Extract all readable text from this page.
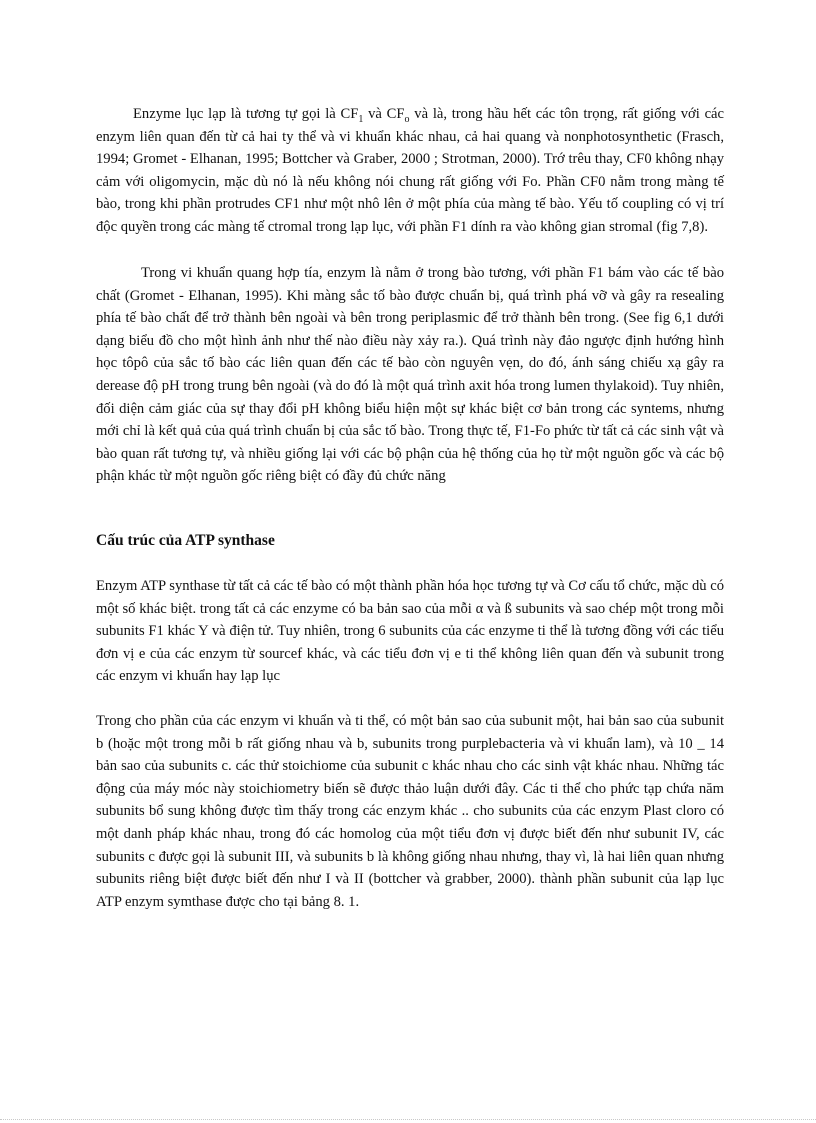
Enzyme lục lạp là tương tự gọi là $CF_1$ và $CF_o$ và là, trong hầu hết các tôn trọng, rất giống với các enzym liên quan đến từ cả hai ty thể và vi khuẩn khác nhau, cả hai quang và nonphotosynthetic (Frasch, 1994; Gromet - Elhanan, 1995; Bottcher và Graber, 2000 ; Strotman, 2000). Trớ trêu thay, CF0 không nhạy cảm với oligomycin, mặc dù nó là nếu không nói chung rất giống với Fo. Phần CF0 nằm trong màng tế bào, trong khi phần protrudes CF1 như một nhô lên ở một phía của màng tế bào. Yếu tố coupling có vị trí độc quyền trong các màng tế ctromal trong lạp lục, với phần F1 dính ra vào không gian stromal (fig 7,8).

Trong vi khuẩn quang hợp tía, enzym là nằm ở trong bào tương, với phần F1 bám vào các tế bào chất (Gromet - Elhanan, 1995). Khi màng sắc tố bào được chuẩn bị, quá trình phá vỡ và gây ra resealing phía tế bào chất để trở thành bên ngoài và bên trong periplasmic để trở thành bên trong. (See fig 6,1 dưới dạng biểu đồ cho một hình ảnh như thế nào điều này xảy ra.). Quá trình này đảo ngược định hướng hình học tôpô của sắc tố bào các liên quan đến các tế bào còn nguyên vẹn, do đó, ánh sáng chiếu xạ gây ra derease độ pH trong trung bên ngoài (và do đó là một quá trình axit hóa trong lumen thylakoid). Tuy nhiên, đối diện cảm giác của sự thay đổi pH không biểu hiện một sự khác biệt cơ bản trong các syntems, nhưng mới chỉ là kết quả của quá trình chuẩn bị của sắc tố bào. Trong thực tế, F1-Fo phức từ tất cả các sinh vật và bào quan rất tương tự, và nhiều giống lại với các bộ phận của hệ thống của họ từ một nguồn gốc và các bộ phận khác từ một nguồn gốc riêng biệt có đầy đủ chức năng

Cấu trúc của ATP synthase

Enzym ATP synthase từ tất cả các tế bào có một thành phần hóa học tương tự và Cơ cấu tổ chức, mặc dù có một số khác biệt. trong tất cả các enzyme có ba bản sao của mỗi α và ß subunits và sao chép một trong mỗi subunits F1 khác Y và điện tử. Tuy nhiên, trong 6 subunits của các enzyme ti thể là tương đồng với các tiểu đơn vị e của các enzym từ sourcef khác, và các tiểu đơn vị e ti thể không liên quan đến và subunit trong các enzym vi khuẩn hay lạp lục

Trong cho phần của các enzym vi khuẩn và ti thể, có một bản sao của subunit một, hai bản sao của subunit b (hoặc một trong mỗi b rất giống nhau và b, subunits trong purplebacteria và vi khuẩn lam), và 10 _ 14 bản sao của subunits c. các thử stoichiome của subunit c khác nhau cho các sinh vật khác nhau. Những tác động của máy móc này stoichiometry biến sẽ được thảo luận dưới đây. Các ti thể cho phức tạp chứa năm subunits bổ sung không được tìm thấy trong các enzym khác .. cho subunits của các enzym Plast cloro có một danh pháp khác nhau, trong đó các homolog của một tiểu đơn vị được biết đến như subunit IV, các subunits c được gọi là subunit III, và subunits b là không giống nhau nhưng, thay vì, là hai liên quan nhưng subunits riêng biệt được biết đến như I và II (bottcher và grabber, 2000). thành phần subunit của lạp lục ATP enzym symthase được cho tại bảng 8. 1.
